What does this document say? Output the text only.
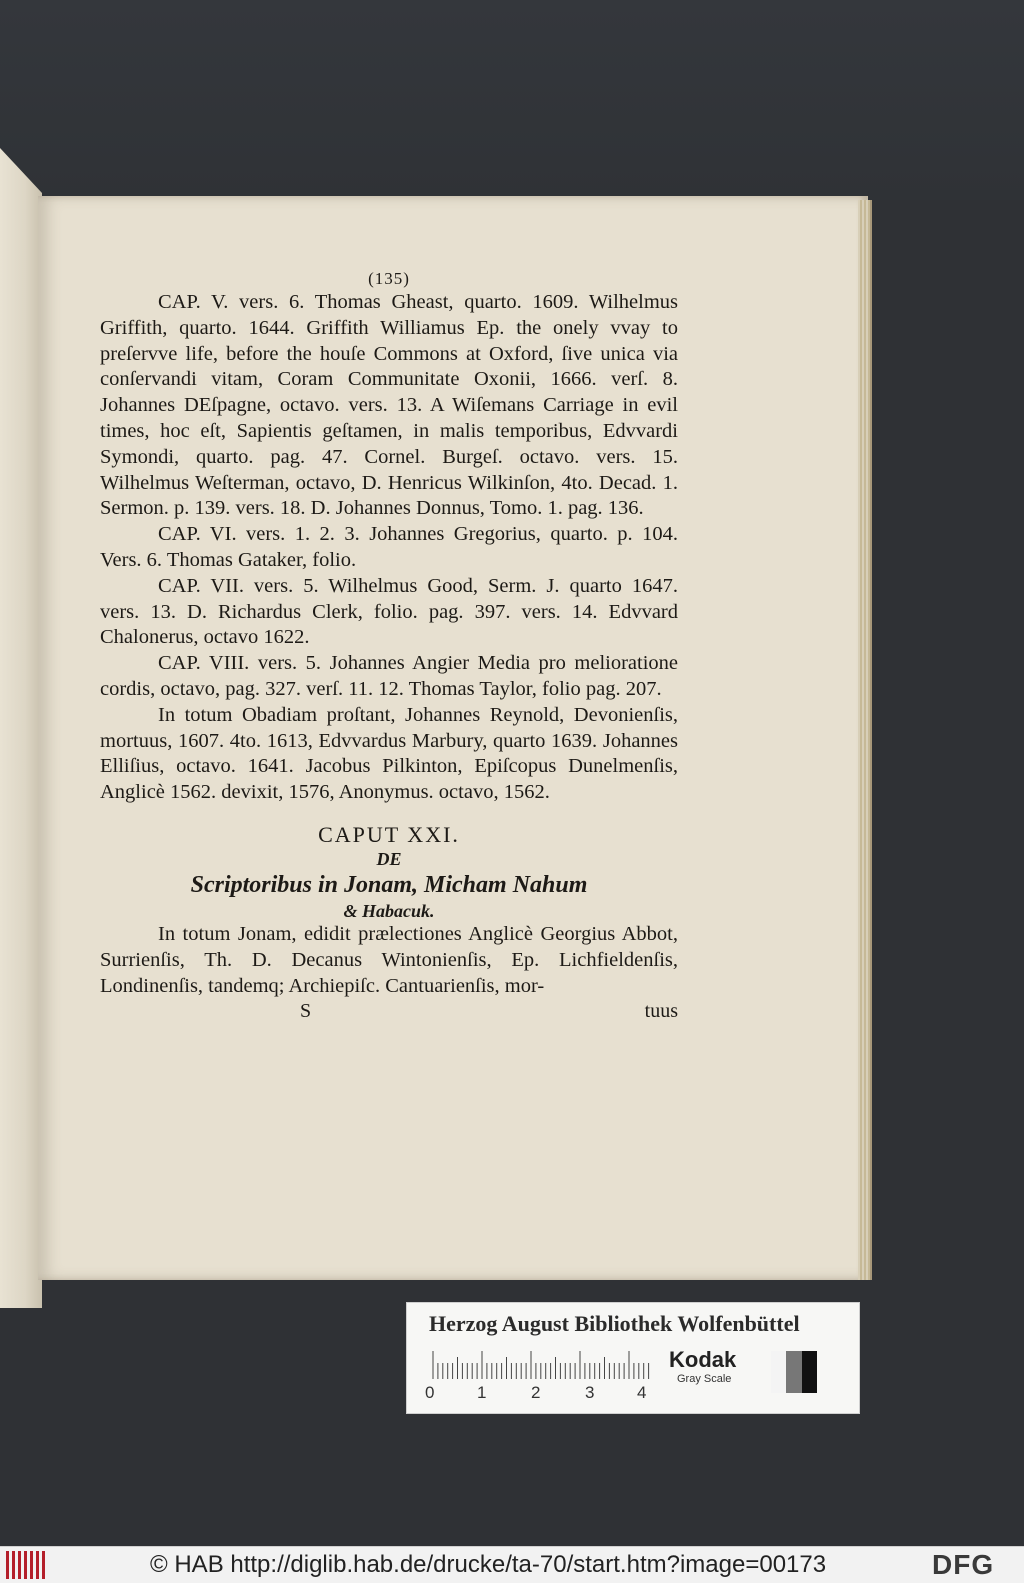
(135)

CAP. V. vers. 6. Thomas Gheast, quarto. 1609. Wilhelmus Griffith, quarto. 1644. Griffith Williamus Ep. the onely vvay to preſervve life, before the houſe Commons at Oxford, ſive unica via conſervandi vitam, Coram Communitate Oxonii, 1666. verſ. 8. Johannes DEſpagne, octavo. vers. 13. A Wiſemans Carriage in evil times, hoc eſt, Sapientis geſtamen, in malis temporibus, Edvvardi Symondi, quarto. pag. 47. Cornel. Burgeſ. octavo. vers. 15. Wilhelmus Weſterman, octavo, D. Henricus Wilkinſon, 4to. Decad. 1. Sermon. p. 139. vers. 18. D. Johannes Donnus, Tomo. 1. pag. 136.

CAP. VI. vers. 1. 2. 3. Johannes Gregorius, quarto. p. 104. Vers. 6. Thomas Gataker, folio.

CAP. VII. vers. 5. Wilhelmus Good, Serm. J. quarto 1647. vers. 13. D. Richardus Clerk, folio. pag. 397. vers. 14. Edvvard Chalonerus, octavo 1622.

CAP. VIII. vers. 5. Johannes Angier Media pro melioratione cordis, octavo, pag. 327. verſ. 11. 12. Thomas Taylor, folio pag. 207.

In totum Obadiam proſtant, Johannes Reynold, Devonienſis, mortuus, 1607. 4to. 1613, Edvvardus Marbury, quarto 1639. Johannes Elliſius, octavo. 1641. Jacobus Pilkinton, Epiſcopus Dunelmenſis, Anglicè 1562. devixit, 1576, Anonymus. octavo, 1562.

CAPUT XXI.
DE
Scriptoribus in Jonam, Micham Nahum
& Habacuk.

In totum Jonam, edidit prælectiones Anglicè Georgius Abbot, Surrienſis, Th. D. Decanus Wintonienſis, Ep. Lichfieldenſis, Londinenſis, tandemq; Archiepiſc. Cantuarienſis, mor-

S	tuus
Herzog August Bibliothek Wolfenbüttel
0	1	2	3	4
Kodak
Gray Scale
© HAB http://diglib.hab.de/drucke/ta-70/start.htm?image=00173	DFG
